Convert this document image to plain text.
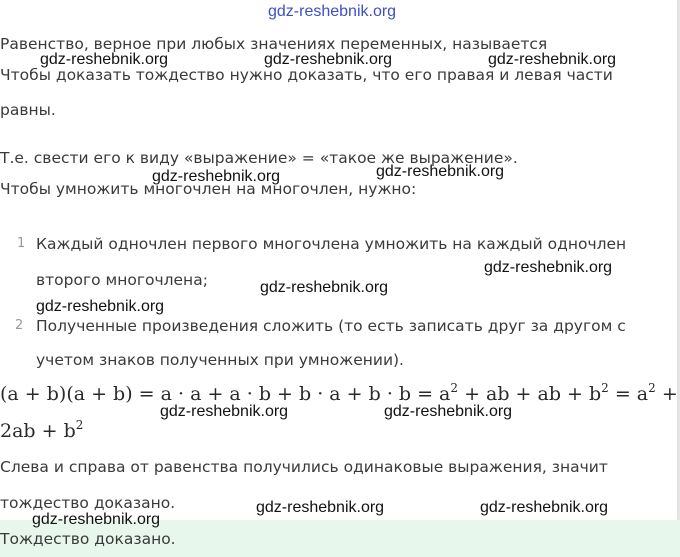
gdz-reshebnik.org
Равенство, верное при любых значениях переменных, называется
Чтобы доказать тождество нужно доказать, что его правая и левая части
равны.
Т.е. свести его к виду «выражение» = «такое же выражение».
Чтобы умножить многочлен на многочлен, нужно:
1 Каждый одночлен первого многочлена умножить на каждый одночлен
второго многочлена;
2 Полученные произведения сложить (то есть записать друг за другом с
учетом знаков полученных при умножении).
$(a + b)(a + b) = a \cdot a + a \cdot b + b \cdot a + b \cdot b = a^2$ + ab + ab + $b^2 = a^2$ +
$2ab + b^2$
Слева и справа от равенства получились одинаковые выражения, значит
тождество доказано.
Тождество доказано.
gdz-reshebnik.org	gdz-reshebnik.org	gdz-reshebnik.org
gdz-reshebnik.org	gdz-reshebnik.org
gdz-reshebnik.org
gdz-reshebnik.org
gdz-reshebnik.org
gdz-reshebnik.org	gdz-reshebnik.org
gdz-reshebnik.org	gdz-reshebnik.org
gdz-reshebnik.org
